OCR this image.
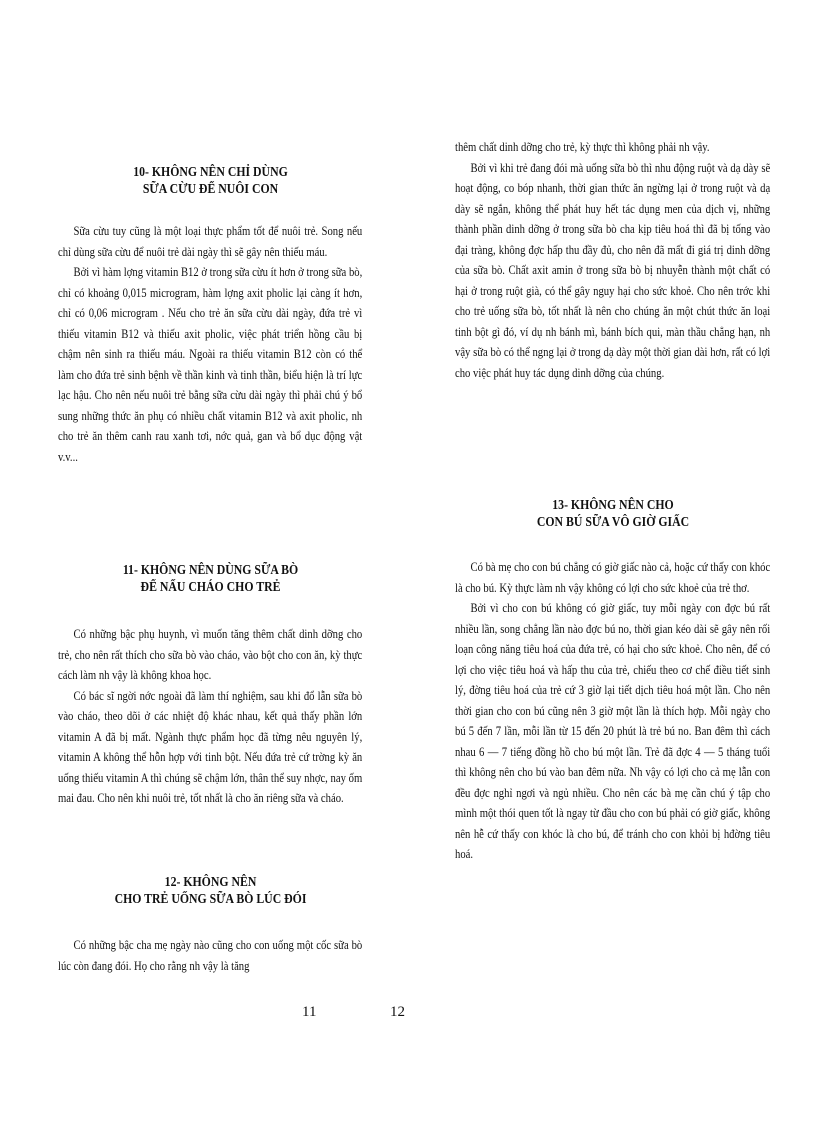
10- KHÔNG NÊN CHỈ DÙNG

SỮA CỪU ĐỂ NUÔI CON

Sữa cừu tuy cũng là một loại thực phẩm tốt để nuôi trẻ. Song nếu chỉ dùng sữa cừu để nuôi trẻ dài ngày thì sẽ gây nên thiếu máu.

Bởi vì hàm lợng vitamin B12 ở trong sữa cừu ít hơn ở trong sữa bò, chỉ có khoảng 0,015 microgram, hàm lợng axit pholic lại càng ít hơn, chỉ có 0,06 microgram . Nếu cho trẻ ăn sữa cừu dài ngày, đứa trẻ vì thiếu vitamin B12 và thiếu axit pholic, việc phát triển hồng cầu bị chậm nên sinh ra thiếu máu. Ngoài ra thiếu vitamin B12 còn có thể làm cho đứa trẻ sinh bệnh về thần kinh và tinh thần, biểu hiện là trí lực lạc hậu. Cho nên nếu nuôi trẻ bằng sữa cừu dài ngày thì phải chú ý bổ sung những thức ăn phụ có nhiều chất vitamin B12 và axit pholic, nh cho trẻ ăn thêm canh rau xanh tơi, nớc quả, gan và bổ dục động vật v.v...

11- KHÔNG NÊN DÙNG SỮA BÒ

ĐỂ NẤU CHÁO CHO TRẺ

Có những bậc phụ huynh, vì muốn tăng thêm chất dinh dỡng cho trẻ, cho nên rất thích cho sữa bò vào cháo, vào bột cho con ăn, kỳ thực cách làm nh vậy là không khoa học.

Có bác sĩ ngời nớc ngoài đã làm thí nghiệm, sau khi đổ lẫn sữa bò vào cháo, theo dõi ở các nhiệt độ khác nhau, kết quả thấy phần lớn vitamin A đã bị mất. Ngành thực phẩm học đã từng nêu nguyên lý, vitamin A không thể hỗn hợp với tinh bột. Nếu đứa trẻ cứ trờng kỳ ăn uống thiếu vitamin A thì chúng sẽ chậm lớn, thân thể suy nhợc, nay ốm mai đau. Cho nên khi nuôi trẻ, tốt nhất là cho ăn riêng sữa và cháo.

12- KHÔNG NÊN

CHO TRẺ UỐNG SỮA BÒ LÚC ĐÓI

Có những bậc cha mẹ ngày nào cũng cho con uống một cốc sữa bò lúc còn đang đói. Họ cho rằng nh vậy là tăng

11

thêm chất dinh dỡng cho trẻ, kỳ thực thì không phải nh vậy.

Bởi vì khi trẻ đang đói mà uống sữa bò thì nhu động ruột và dạ dày sẽ hoạt động, co bóp nhanh, thời gian thức ăn ngừng lại ở trong ruột và dạ dày sẽ ngắn, không thể phát huy hết tác dụng men của dịch vị, những thành phần dinh dỡng ở trong sữa bò cha kịp tiêu hoá thì đã bị tống vào đại tràng, không đợc hấp thu đầy đủ, cho nên đã mất đi giá trị dinh dỡng của sữa bò. Chất axit amin ở trong sữa bò bị nhuyễn thành một chất có hại ở trong ruột già, có thể gây nguy hại cho sức khoẻ. Cho nên trớc khi cho trẻ uống sữa bò, tốt nhất là nên cho chúng ăn một chút thức ăn loại tinh bột gì đó, ví dụ nh bánh mì, bánh bích qui, màn thầu chẳng hạn, nh vậy sữa bò có thể ngng lại ở trong dạ dày một thời gian dài hơn, rất có lợi cho việc phát huy tác dụng dinh dỡng của chúng.

13- KHÔNG NÊN CHO

CON BÚ SỮA VÔ GIỜ GIẤC

Có bà mẹ cho con bú chẳng có giờ giấc nào cả, hoặc cứ thấy con khóc là cho bú. Kỳ thực làm nh vậy không có lợi cho sức khoẻ của trẻ thơ.

Bởi vì cho con bú không có giờ giấc, tuy mỗi ngày con đợc bú rất nhiều lần, song chẳng lần nào đợc bú no, thời gian kéo dài sẽ gây nên rối loạn công năng tiêu hoá của đứa trẻ, có hại cho sức khoẻ. Cho nên, để có lợi cho việc tiêu hoá và hấp thu của trẻ, chiếu theo cơ chế điều tiết sinh lý, đờng tiêu hoá của trẻ cứ 3 giờ lại tiết dịch tiêu hoá một lần. Cho nên thời gian cho con bú cũng nên 3 giờ một lần là thích hợp. Mỗi ngày cho bú 5 đến 7 lần, mỗi lần từ 15 đến 20 phút là trẻ bú no. Ban đêm thì cách nhau 6 — 7 tiếng đồng hồ cho bú một lần. Trẻ đã đợc 4 — 5 tháng tuổi thì không nên cho bú vào ban đêm nữa. Nh vậy có lợi cho cả mẹ lẫn con đều đợc nghỉ ngơi và ngủ nhiều. Cho nên các bà mẹ cần chú ý tập cho mình một thói quen tốt là ngay từ đầu cho con bú phải có giờ giấc, không nên hễ cứ thấy con khóc là cho bú, để tránh cho con khỏi bị hđờng tiêu hoá.

12
